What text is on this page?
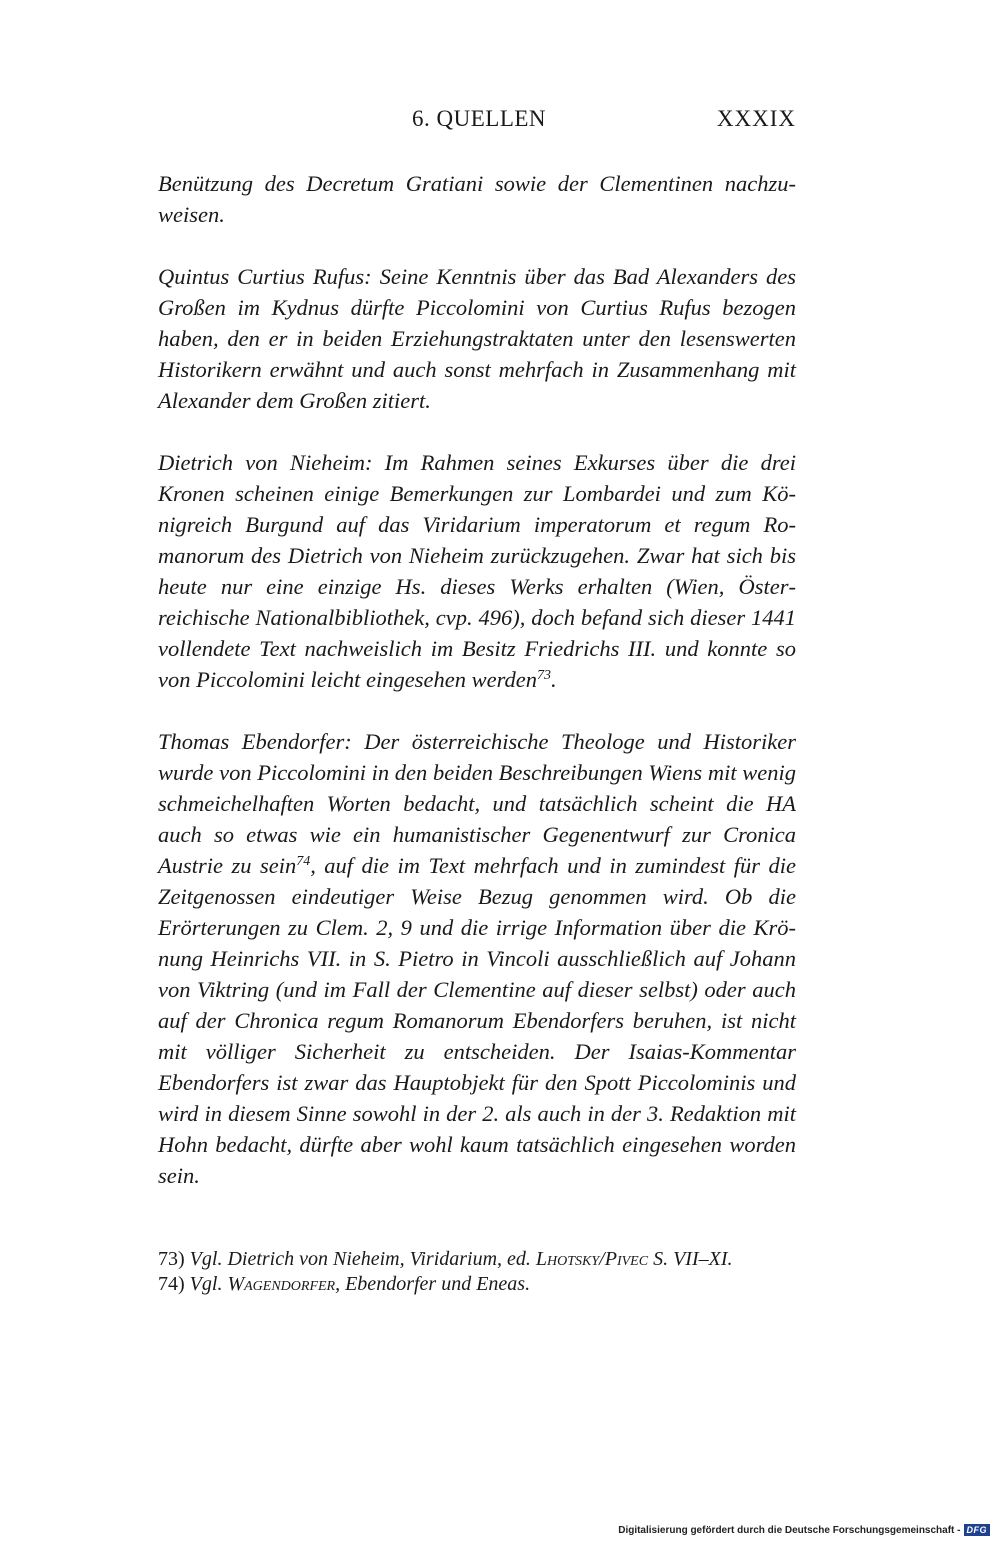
6. QUELLEN	XXXIX

Benützung des Decretum Gratiani sowie der Clementinen nachzuweisen.

Quintus Curtius Rufus: Seine Kenntnis über das Bad Alexanders des Großen im Kydnus dürfte Piccolomini von Curtius Rufus bezogen haben, den er in beiden Erziehungstraktaten unter den lesenswerten Historikern erwähnt und auch sonst mehrfach in Zusammenhang mit Alexander dem Großen zitiert.

Dietrich von Nieheim: Im Rahmen seines Exkurses über die drei Kronen scheinen einige Bemerkungen zur Lombardei und zum Königreich Burgund auf das Viridarium imperatorum et regum Romanorum des Dietrich von Nieheim zurückzugehen. Zwar hat sich bis heute nur eine einzige Hs. dieses Werks erhalten (Wien, Österreichische Nationalbibliothek, cvp. 496), doch befand sich dieser 1441 vollendete Text nachweislich im Besitz Friedrichs III. und konnte so von Piccolomini leicht eingesehen werden$^{73}$.

Thomas Ebendorfer: Der österreichische Theologe und Historiker wurde von Piccolomini in den beiden Beschreibungen Wiens mit wenig schmeichelhaften Worten bedacht, und tatsächlich scheint die HA auch so etwas wie ein humanistischer Gegenentwurf zur Cronica Austrie zu sein$^{74}$, auf die im Text mehrfach und in zumindest für die Zeitgenossen eindeutiger Weise Bezug genommen wird. Ob die Erörterungen zu Clem. 2, 9 und die irrige Information über die Krönung Heinrichs VII. in S. Pietro in Vincoli ausschließlich auf Johann von Viktring (und im Fall der Clementine auf dieser selbst) oder auch auf der Chronica regum Romanorum Ebendorfers beruhen, ist nicht mit völliger Sicherheit zu entscheiden. Der Isaias-Kommentar Ebendorfers ist zwar das Hauptobjekt für den Spott Piccolominis und wird in diesem Sinne sowohl in der 2. als auch in der 3. Redaktion mit Hohn bedacht, dürfte aber wohl kaum tatsächlich eingesehen worden sein.

73) Vgl. Dietrich von Nieheim, Viridarium, ed. Lhotsky/Pivec S. VII–XI.
74) Vgl. Wagendorfer, Ebendorfer und Eneas.
Digitalisierung gefördert durch die Deutsche Forschungsgemeinschaft - DFG
